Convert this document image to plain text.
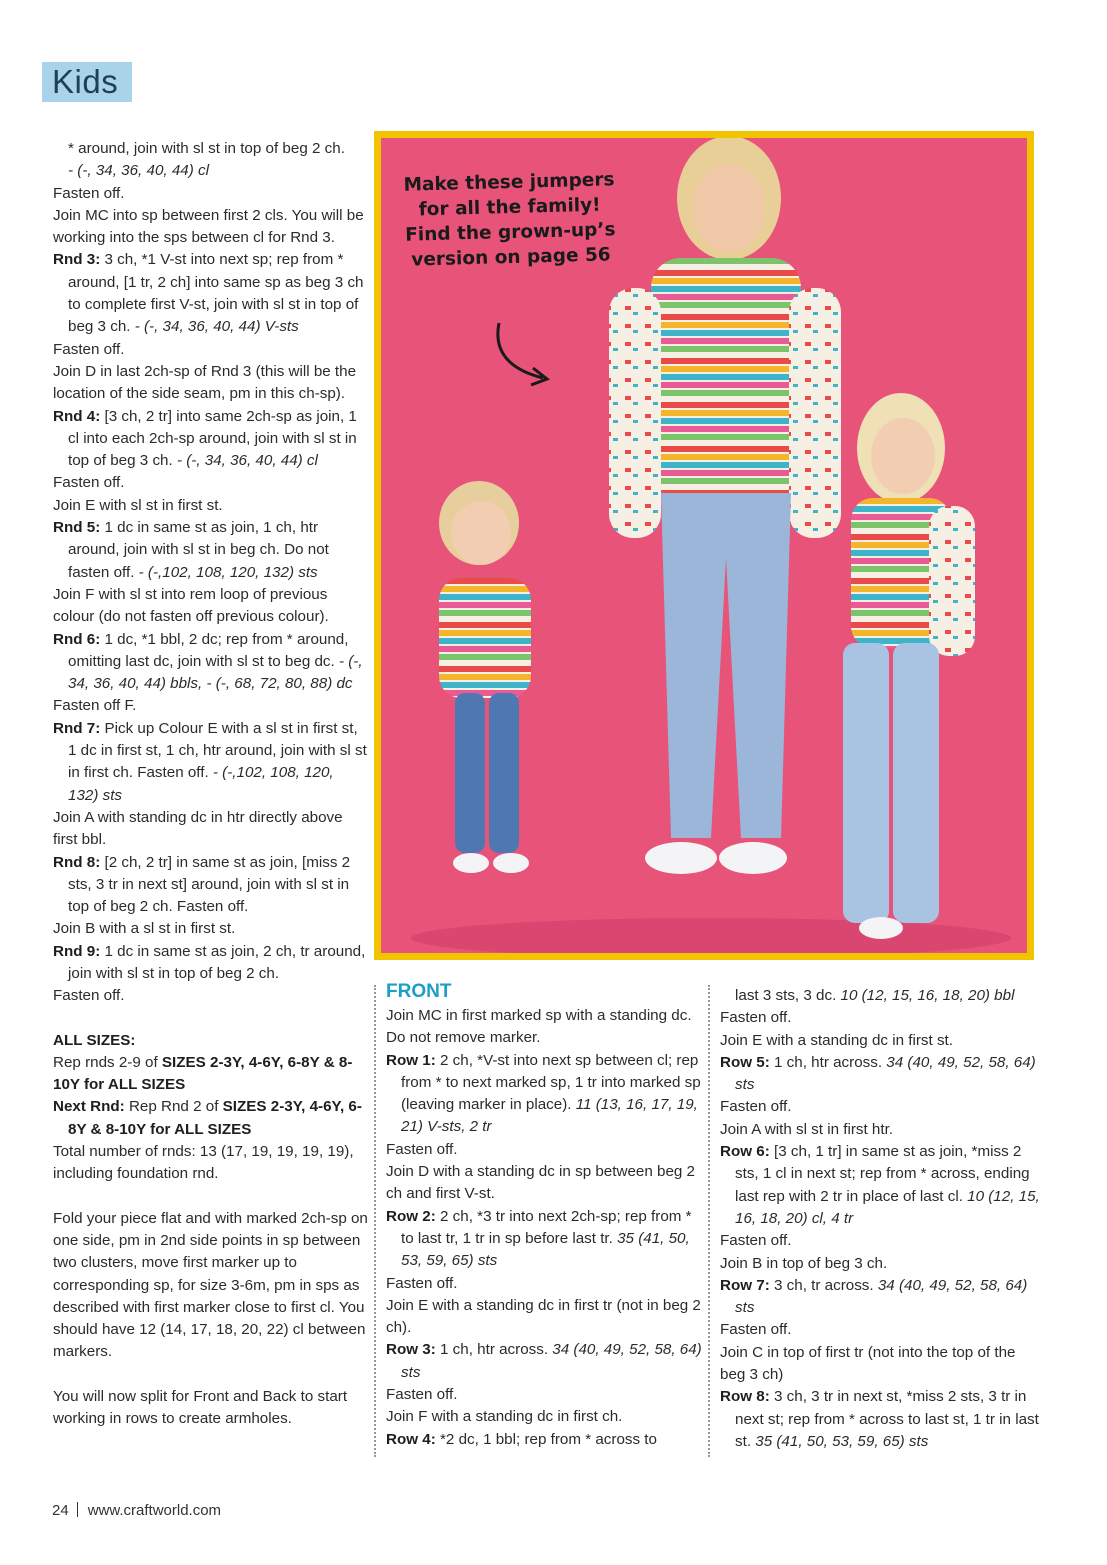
Kids

* around, join with sl st in top of beg 2 ch.

- (-, 34, 36, 40, 44) cl

Fasten off.

Join MC into sp between first 2 cls. You will be working into the sps between cl for Rnd 3.

Rnd 3: 3 ch, *1 V-st into next sp; rep from * around, [1 tr, 2 ch] into same sp as beg 3 ch to complete first V-st, join with sl st in top of beg 3 ch. - (-, 34, 36, 40, 44) V-sts

Fasten off.

Join D in last 2ch-sp of Rnd 3 (this will be the location of the side seam, pm in this ch-sp).

Rnd 4: [3 ch, 2 tr] into same 2ch-sp as join, 1 cl into each 2ch-sp around, join with sl st in top of beg 3 ch. - (-, 34, 36, 40, 44) cl

Fasten off.

Join E with sl st in first st.

Rnd 5: 1 dc in same st as join, 1 ch, htr around, join with sl st in beg ch. Do not fasten off. - (-,102, 108, 120, 132) sts

Join F with sl st into rem loop of previous colour (do not fasten off previous colour).

Rnd 6: 1 dc, *1 bbl, 2 dc; rep from * around, omitting last dc, join with sl st to beg dc. - (-, 34, 36, 40, 44) bbls, - (-, 68, 72, 80, 88) dc

Fasten off F.

Rnd 7: Pick up Colour E with a sl st in first st, 1 dc in first st, 1 ch, htr around, join with sl st in first ch. Fasten off. - (-,102, 108, 120, 132) sts

Join A with standing dc in htr directly above first bbl.

Rnd 8: [2 ch, 2 tr] in same st as join, [miss 2 sts, 3 tr in next st] around, join with sl st in top of beg 2 ch. Fasten off.

Join B with a sl st in first st.

Rnd 9: 1 dc in same st as join, 2 ch, tr around, join with sl st in top of beg 2 ch.

Fasten off.

ALL SIZES:

Rep rnds 2-9 of SIZES 2-3Y, 4-6Y, 6-8Y & 8-10Y for ALL SIZES

Next Rnd: Rep Rnd 2 of SIZES 2-3Y, 4-6Y, 6-8Y & 8-10Y for ALL SIZES

Total number of rnds: 13 (17, 19, 19, 19, 19), including foundation rnd.

Fold your piece flat and with marked 2ch-sp on one side, pm in 2nd side points in sp between two clusters, move first marker up to corresponding sp, for size 3-6m, pm in sps as described with first marker close to first cl. You should have 12 (14, 17, 18, 20, 22) cl between markers.

You will now split for Front and Back to start working in rows to create armholes.

Make these jumpers
for all the family!
Find the grown-up’s
version on page 56

FRONT

Join MC in first marked sp with a standing dc. Do not remove marker.

Row 1: 2 ch, *V-st into next sp between cl; rep from * to next marked sp, 1 tr into marked sp (leaving marker in place). 11 (13, 16, 17, 19, 21) V-sts, 2 tr

Fasten off.

Join D with a standing dc in sp between beg 2 ch and first V-st.

Row 2: 2 ch, *3 tr into next 2ch-sp; rep from * to last tr, 1 tr in sp before last tr. 35 (41, 50, 53, 59, 65) sts

Fasten off.

Join E with a standing dc in first tr (not in beg 2 ch).

Row 3: 1 ch, htr across. 34 (40, 49, 52, 58, 64) sts

Fasten off.

Join F with a standing dc in first ch.

Row 4: *2 dc, 1 bbl; rep from * across to

last 3 sts, 3 dc. 10 (12, 15, 16, 18, 20) bbl

Fasten off.

Join E with a standing dc in first st.

Row 5: 1 ch, htr across. 34 (40, 49, 52, 58, 64) sts

Fasten off.

Join A with sl st in first htr.

Row 6: [3 ch, 1 tr] in same st as join, *miss 2 sts, 1 cl in next st; rep from * across, ending last rep with 2 tr in place of last cl. 10 (12, 15, 16, 18, 20) cl, 4 tr

Fasten off.

Join B in top of beg 3 ch.

Row 7: 3 ch, tr across. 34 (40, 49, 52, 58, 64) sts

Fasten off.

Join C in top of first tr (not into the top of the beg 3 ch)

Row 8: 3 ch, 3 tr in next st, *miss 2 sts, 3 tr in next st; rep from * across to last st, 1 tr in last st. 35 (41, 50, 53, 59, 65) sts

24 www.craftworld.com
